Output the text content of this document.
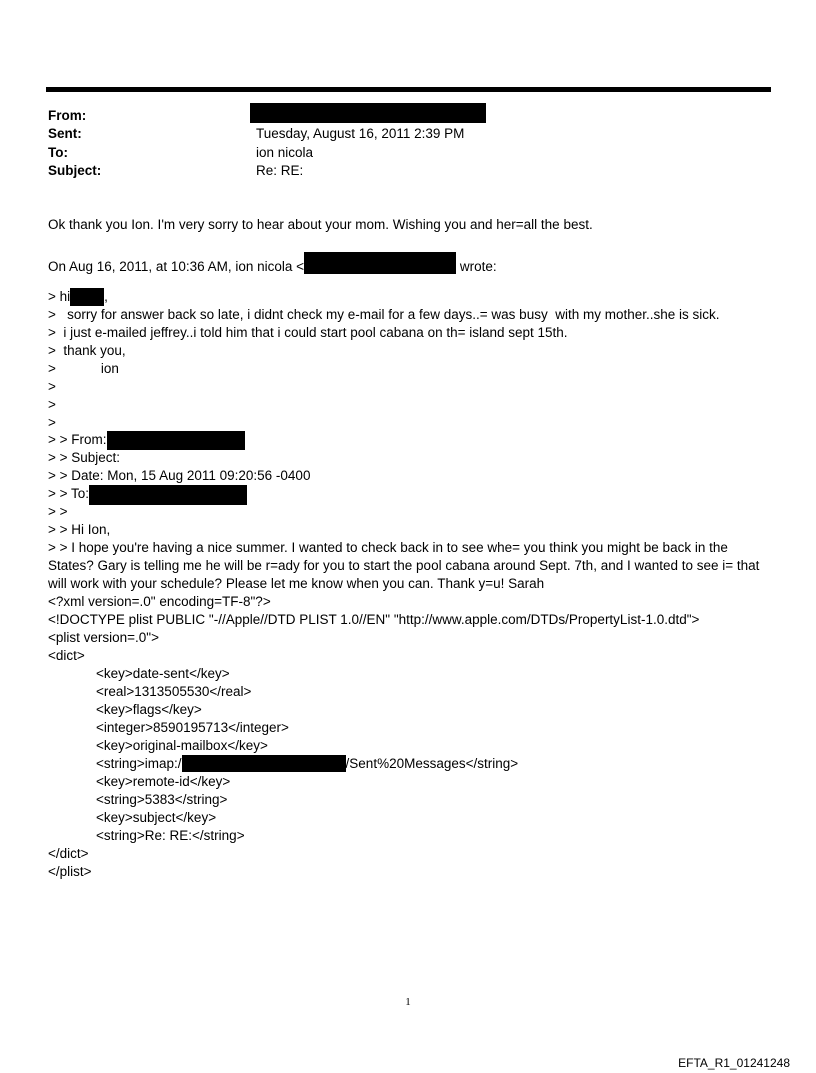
From:
Sent:	Tuesday, August 16, 2011 2:39 PM
To:	ion nicola
Subject:	Re: RE:
Ok thank you Ion. I'm very sorry to hear about your mom. Wishing you and her=all the best.
On Aug 16, 2011, at 10:36 AM, ion nicola <	wrote:
> hi	,
>   sorry for answer back so late, i didnt check my e-mail for a few days..= was busy  with my mother..she is sick.
>  i just e-mailed jeffrey..i told him that i could start pool cabana on th= island sept 15th.
>  thank you,
>            ion
>
>
>
> > From:
> > Subject:
> > Date: Mon, 15 Aug 2011 09:20:56 -0400
> > To:
> >
> > Hi Ion,
> > I hope you're having a nice summer. I wanted to check back in to see whe= you think you might be back in the States? Gary is telling me he will be r=ady for you to start the pool cabana around Sept. 7th, and I wanted to see i= that will work with your schedule? Please let me know when you can. Thank y=u! Sarah
<?xml version=.0" encoding=TF-8"?>
<!DOCTYPE plist PUBLIC "-//Apple//DTD PLIST 1.0//EN" "http://www.apple.com/DTDs/PropertyList-1.0.dtd">
<plist version=.0">
<dict>
<key>date-sent</key>
<real>1313505530</real>
<key>flags</key>
<integer>8590195713</integer>
<key>original-mailbox</key>
<string>imap:/	/Sent%20Messages</string>
<key>remote-id</key>
<string>5383</string>
<key>subject</key>
<string>Re: RE:</string>
</dict>
</plist>
1
EFTA_R1_01241248
